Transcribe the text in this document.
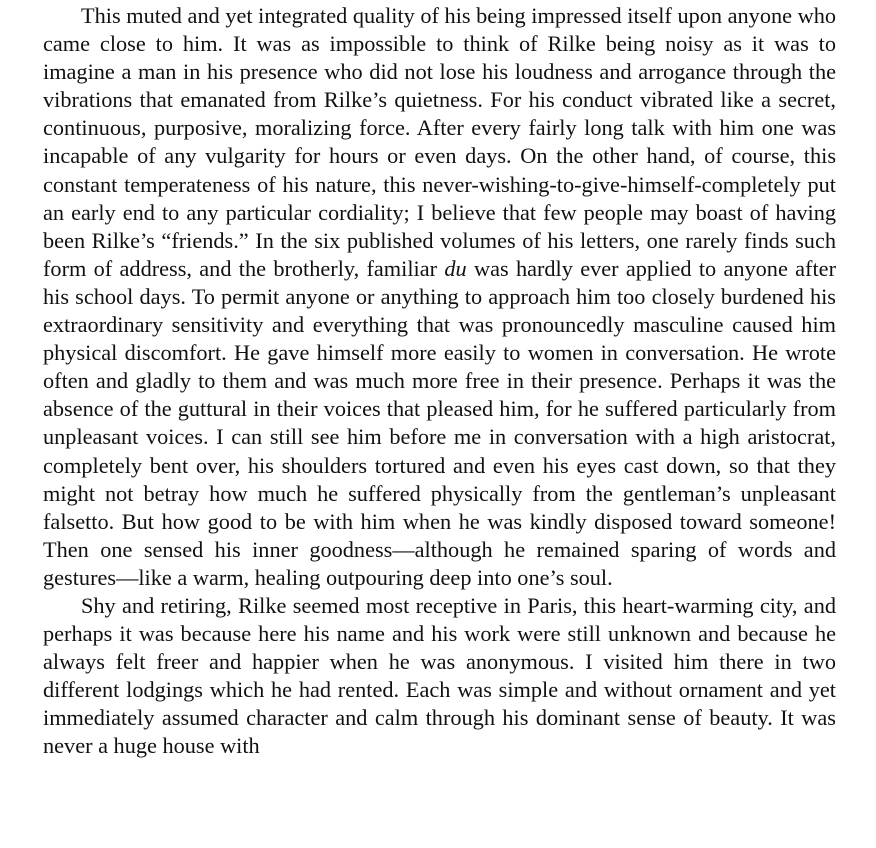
This muted and yet integrated quality of his being impressed itself upon anyone who came close to him. It was as impossible to think of Rilke being noisy as it was to imagine a man in his presence who did not lose his loudness and arrogance through the vibrations that emanated from Rilke’s quietness. For his conduct vibrated like a secret, continuous, purposive, moralizing force. After every fairly long talk with him one was incapable of any vulgarity for hours or even days. On the other hand, of course, this constant temperateness of his nature, this never-wishing-to-give-himself-completely put an early end to any particular cordiality; I believe that few people may boast of having been Rilke’s “friends.” In the six published volumes of his letters, one rarely finds such form of address, and the brotherly, familiar du was hardly ever applied to anyone after his school days. To permit anyone or anything to approach him too closely burdened his extraordinary sensitivity and everything that was pronouncedly masculine caused him physical discomfort. He gave himself more easily to women in conversation. He wrote often and gladly to them and was much more free in their presence. Perhaps it was the absence of the guttural in their voices that pleased him, for he suffered particularly from unpleasant voices. I can still see him before me in conversation with a high aristocrat, completely bent over, his shoulders tortured and even his eyes cast down, so that they might not betray how much he suffered physically from the gentleman’s unpleasant falsetto. But how good to be with him when he was kindly disposed toward someone! Then one sensed his inner goodness—although he remained sparing of words and gestures—like a warm, healing outpouring deep into one’s soul.

Shy and retiring, Rilke seemed most receptive in Paris, this heart-warming city, and perhaps it was because here his name and his work were still unknown and because he always felt freer and happier when he was anonymous. I visited him there in two different lodgings which he had rented. Each was simple and without ornament and yet immediately assumed character and calm through his dominant sense of beauty. It was never a huge house with
